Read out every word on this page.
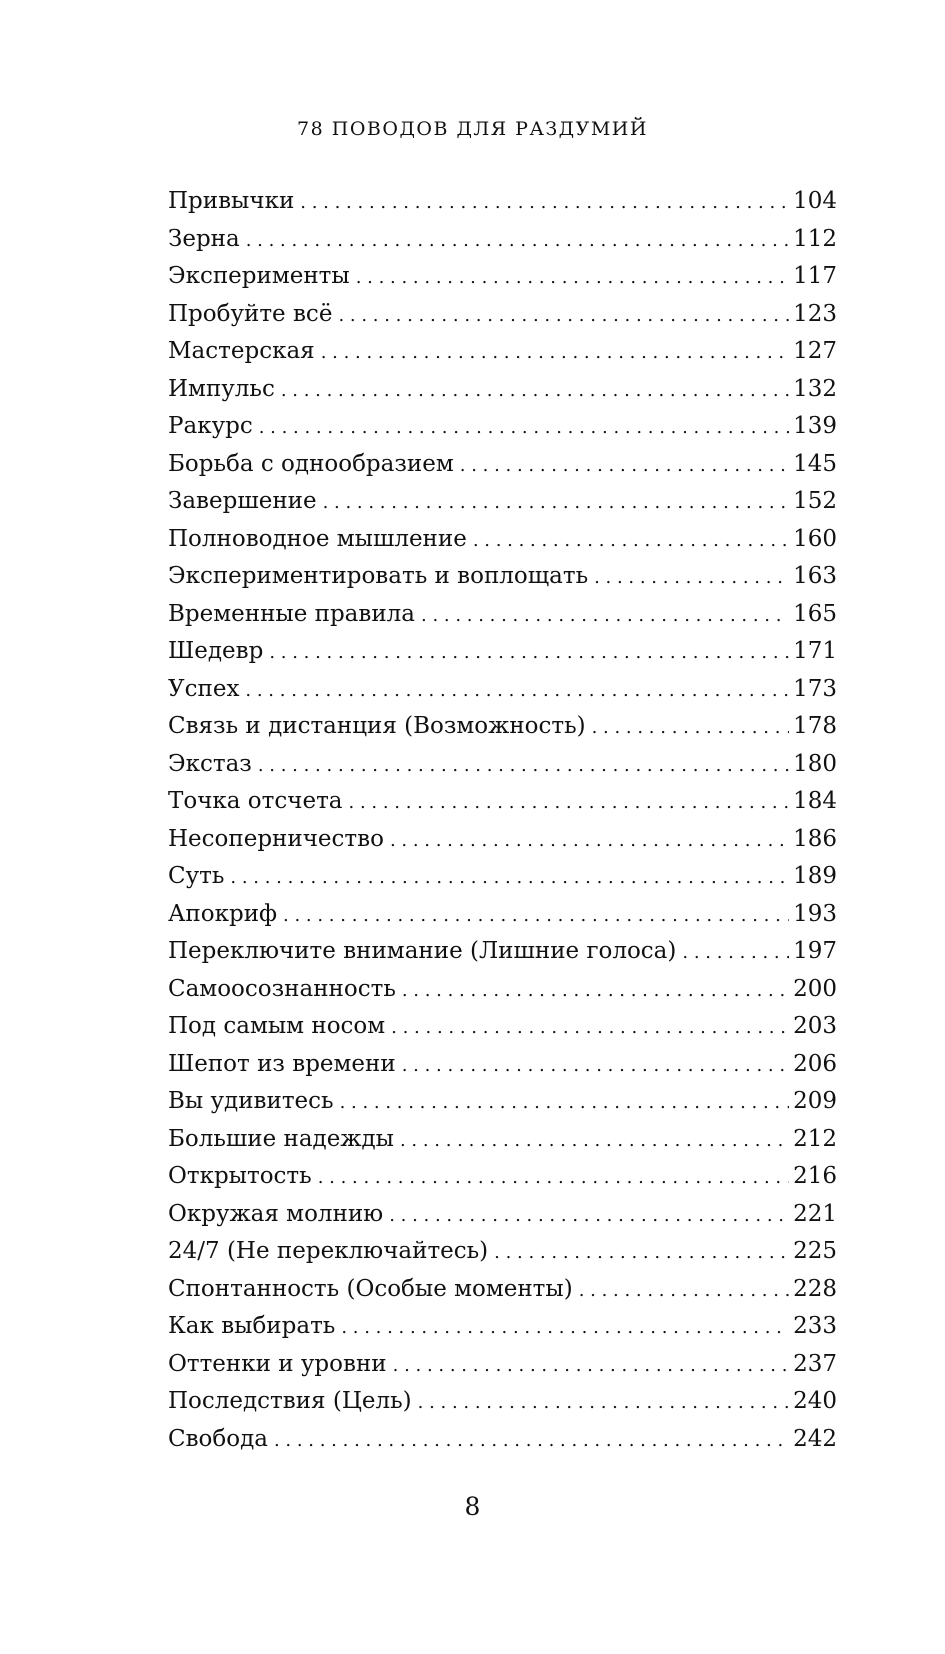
78 ПОВОДОВ ДЛЯ РАЗДУМИЙ
Привычки . . .	104
Зерна . . .	112
Эксперименты . . .	117
Пробуйте всё . . .	123
Мастерская . . .	127
Импульс . . .	132
Ракурс . . .	139
Борьба с однообразием . . .	145
Завершение . . .	152
Полноводное мышление . . .	160
Экспериментировать и воплощать . . .	163
Временные правила . . .	165
Шедевр . . .	171
Успех . . .	173
Связь и дистанция (Возможность) . . .	178
Экстаз . . .	180
Точка отсчета . . .	184
Несоперничество . . .	186
Суть . . .	189
Апокриф . . .	193
Переключите внимание (Лишние голоса) . . .	197
Самоосознанность . . .	200
Под самым носом . . .	203
Шепот из времени . . .	206
Вы удивитесь . . .	209
Большие надежды . . .	212
Открытость . . .	216
Окружая молнию . . .	221
24/7 (Не переключайтесь) . . .	225
Спонтанность (Особые моменты) . . .	228
Как выбирать . . .	233
Оттенки и уровни . . .	237
Последствия (Цель) . . .	240
Свобода . . .	242
8
